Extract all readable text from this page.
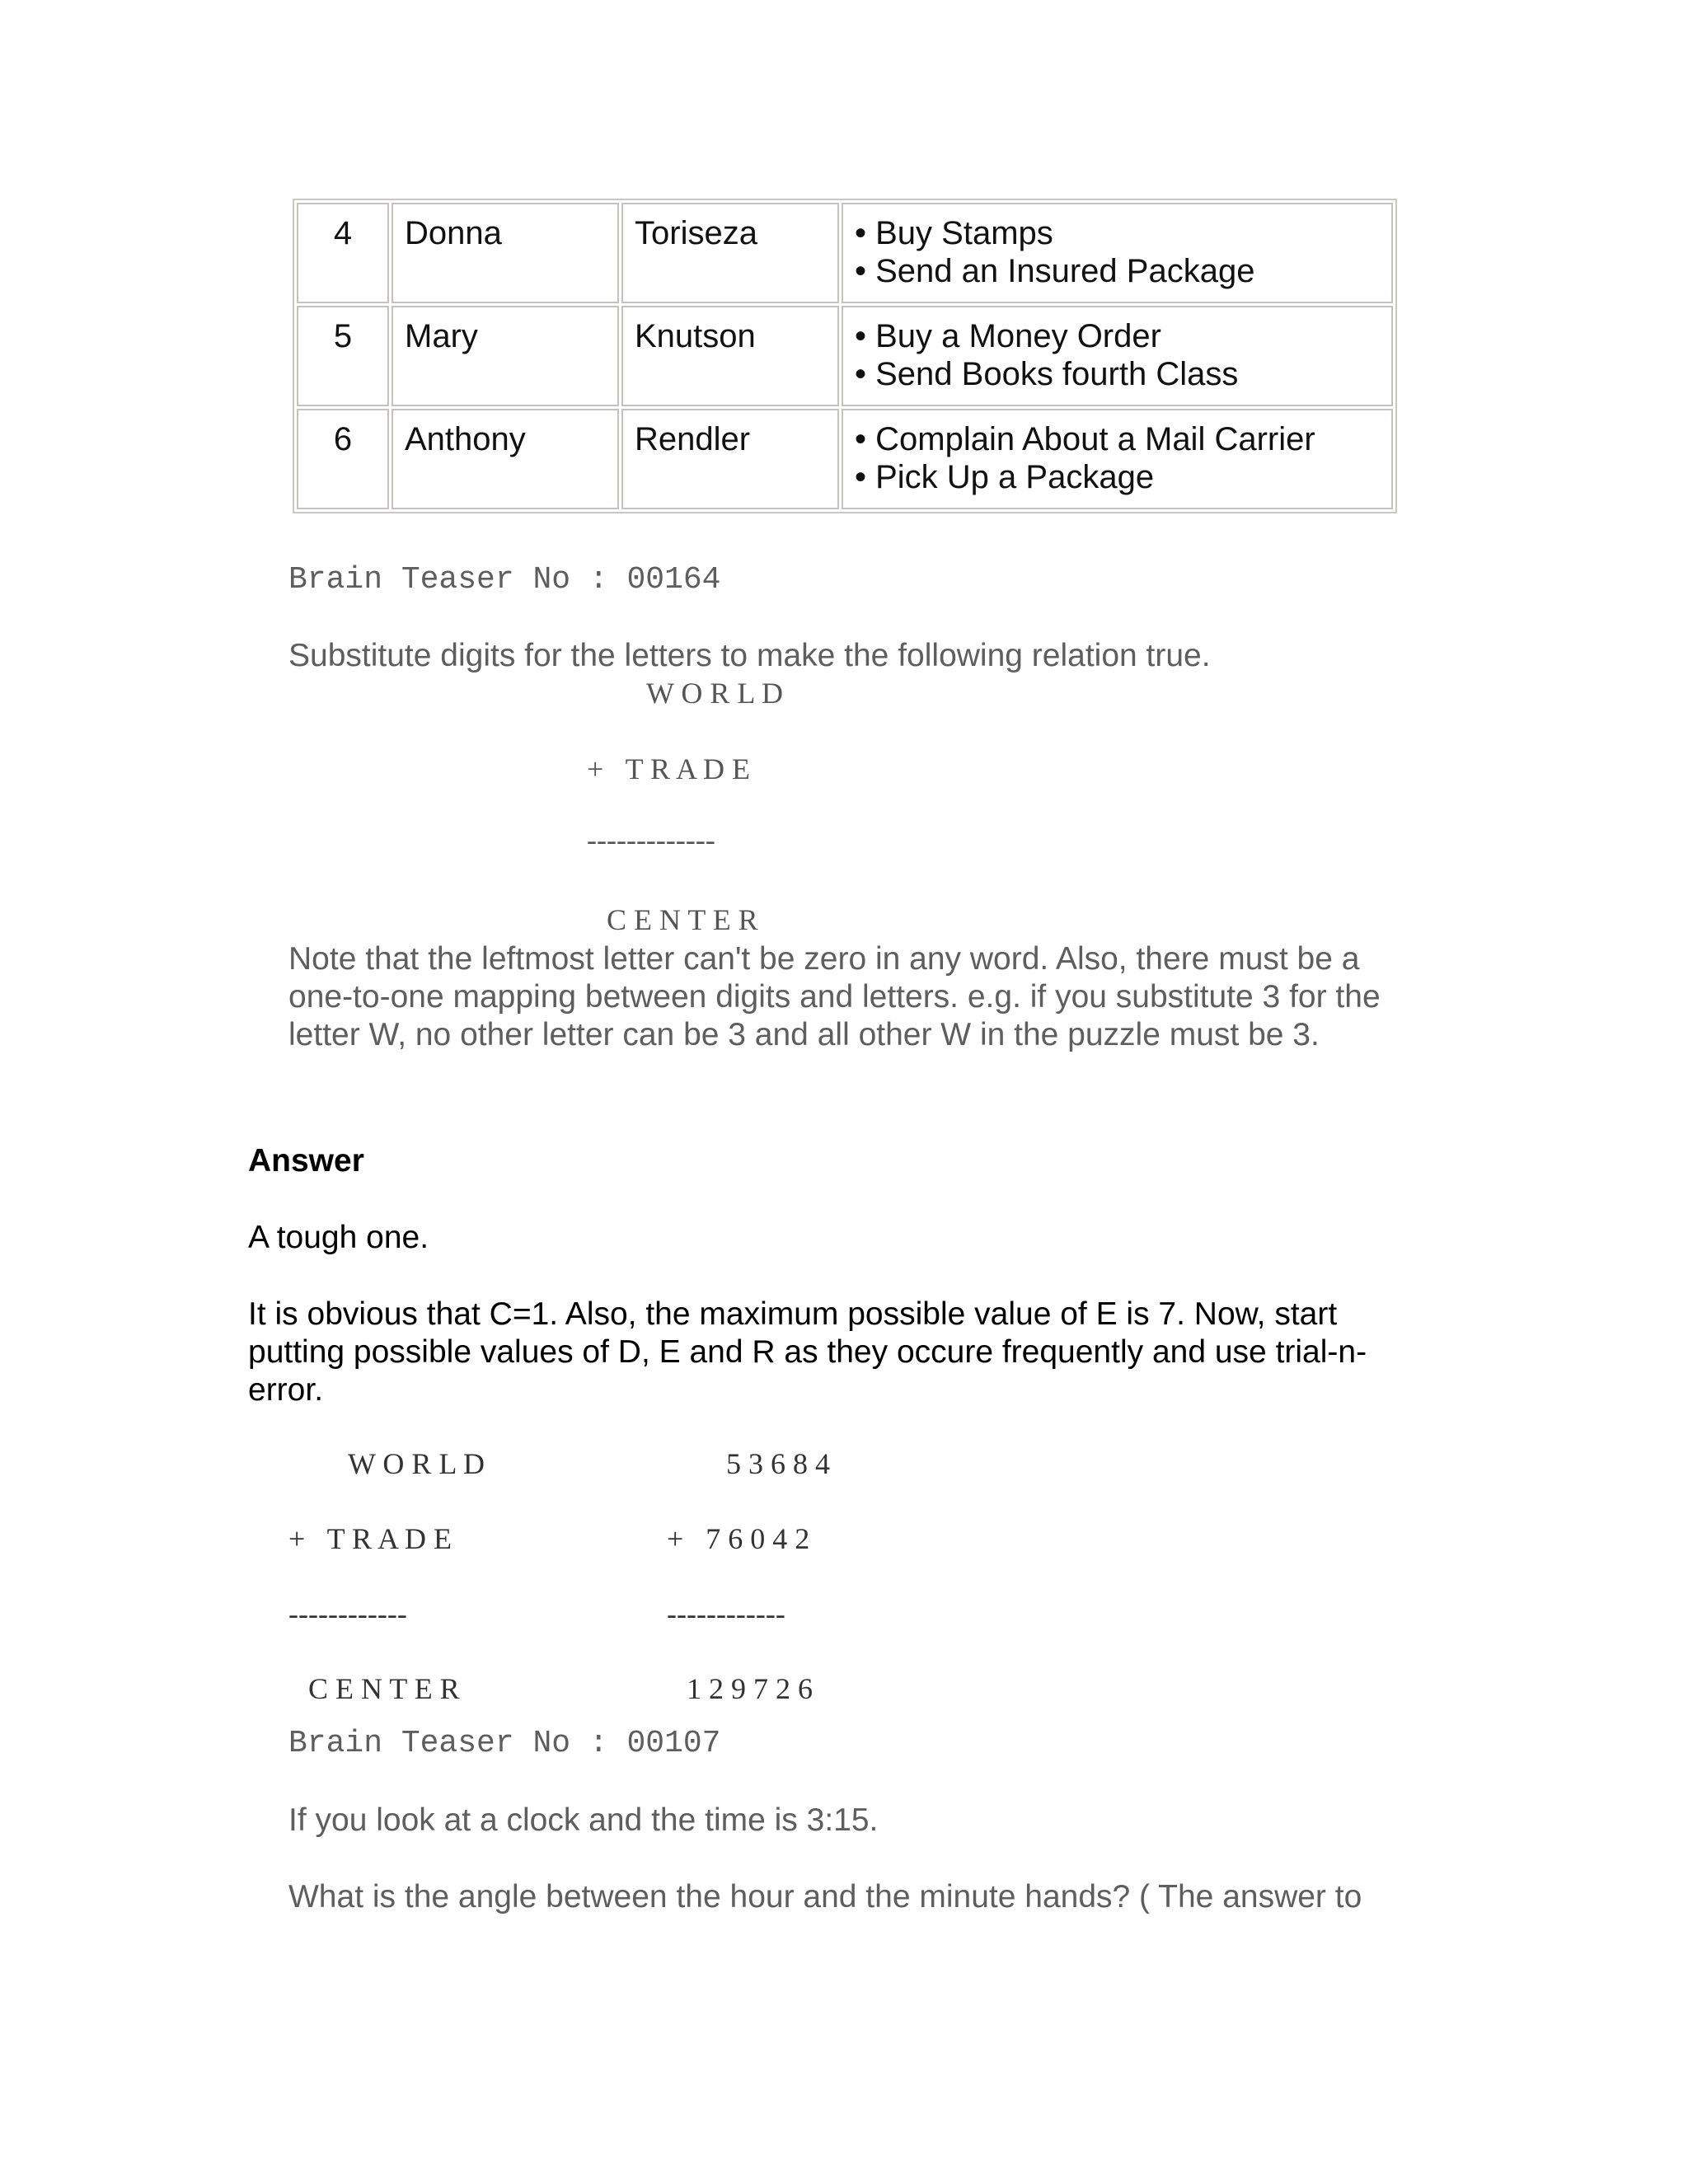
4	Donna	Toriseza	• Buy Stamps
• Send an Insured Package

5	Mary	Knutson	• Buy a Money Order
• Send Books fourth Class

6	Anthony	Rendler	• Complain About a Mail Carrier
• Pick Up a Package
Brain Teaser No : 00164
Substitute digits for the letters to make the following relation true.
W O R L D
+   T R A D E
-------------
C E N T E R
Note that the leftmost letter can't be zero in any word. Also, there must be a
one-to-one mapping between digits and letters. e.g. if you substitute 3 for the
letter W, no other letter can be 3 and all other W in the puzzle must be 3.
Answer
A tough one.
It is obvious that C=1. Also, the maximum possible value of E is 7. Now, start
putting possible values of D, E and R as they occure frequently and use trial-n-
error.
W O R L D
+   T R A D E
------------
C E N T E R
5 3 6 8 4
+   7 6 0 4 2
------------
1 2 9 7 2 6
Brain Teaser No : 00107
If you look at a clock and the time is 3:15.
What is the angle between the hour and the minute hands? ( The answer to
